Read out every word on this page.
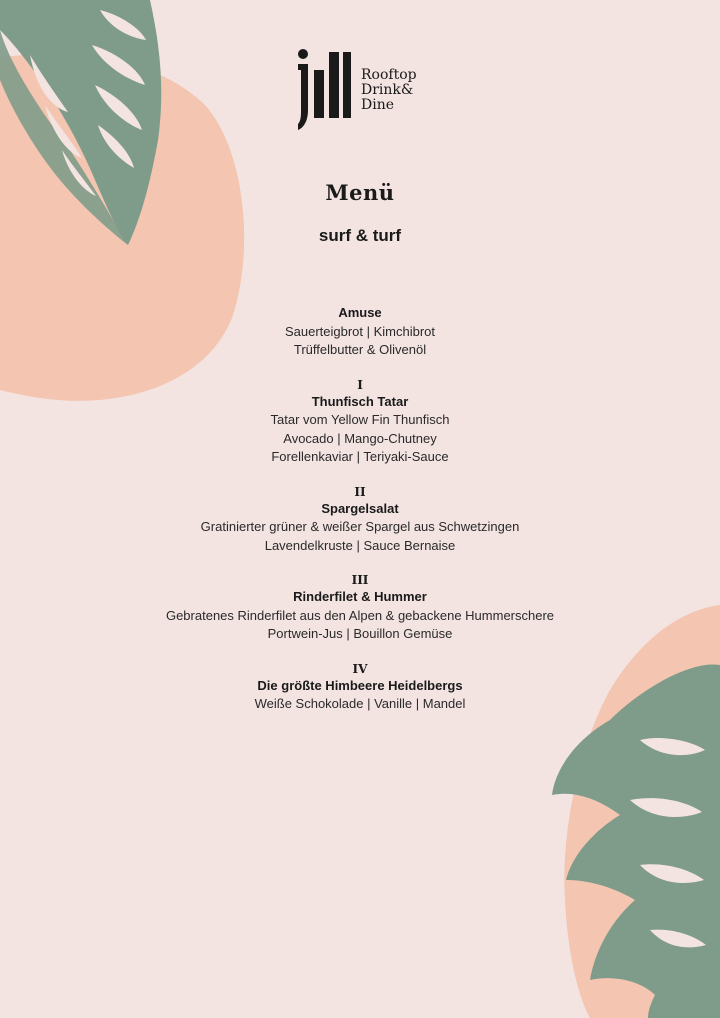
Rooftop
Drink&
Dine
Menü
surf & turf
Amuse
Sauerteigbrot | Kimchibrot
Trüffelbutter & Olivenöl
I
Thunfisch Tatar
Tatar vom Yellow Fin Thunfisch
Avocado | Mango-Chutney
Forellenkaviar | Teriyaki-Sauce
II
Spargelsalat
Gratinierter grüner & weißer Spargel aus Schwetzingen
Lavendelkruste | Sauce Bernaise
III
Rinderfilet & Hummer
Gebratenes Rinderfilet aus den Alpen & gebackene Hummerschere
Portwein-Jus | Bouillon Gemüse
IV
Die größte Himbeere Heidelbergs
Weiße Schokolade | Vanille | Mandel
